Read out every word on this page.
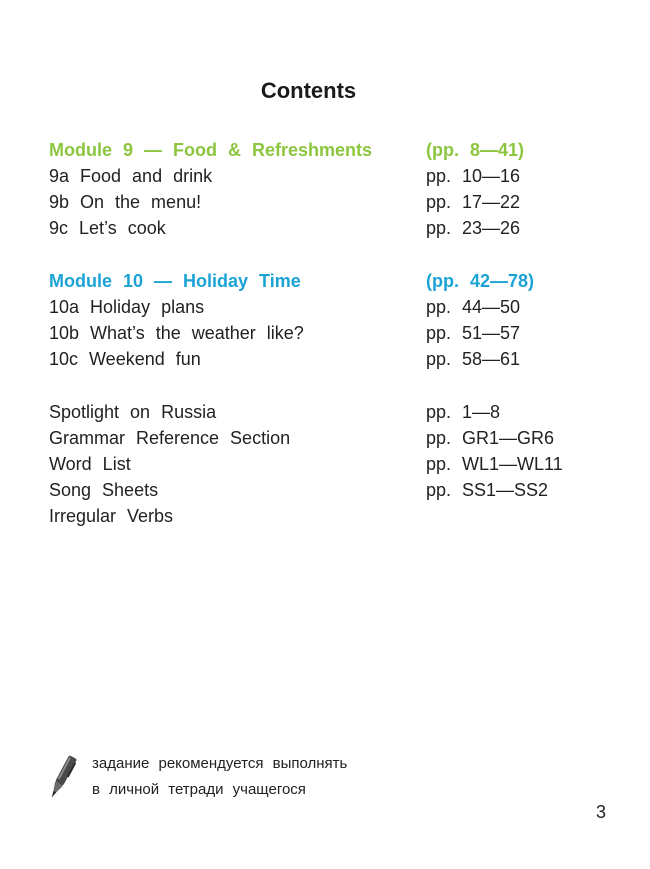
Contents
Module 9 — Food & Refreshments	(pp. 8—41)
9a Food and drink	pp. 10—16
9b On the menu!	pp. 17—22
9c Let’s cook	pp. 23—26
Module 10 — Holiday Time	(pp. 42—78)
10a Holiday plans	pp. 44—50
10b What’s the weather like?	pp. 51—57
10c Weekend fun	pp. 58—61
Spotlight on Russia	pp. 1—8
Grammar Reference Section	pp. GR1—GR6
Word List	pp. WL1—WL11
Song Sheets	pp. SS1—SS2
Irregular Verbs
задание рекомендуется выполнять
в личной тетради учащегося
3
